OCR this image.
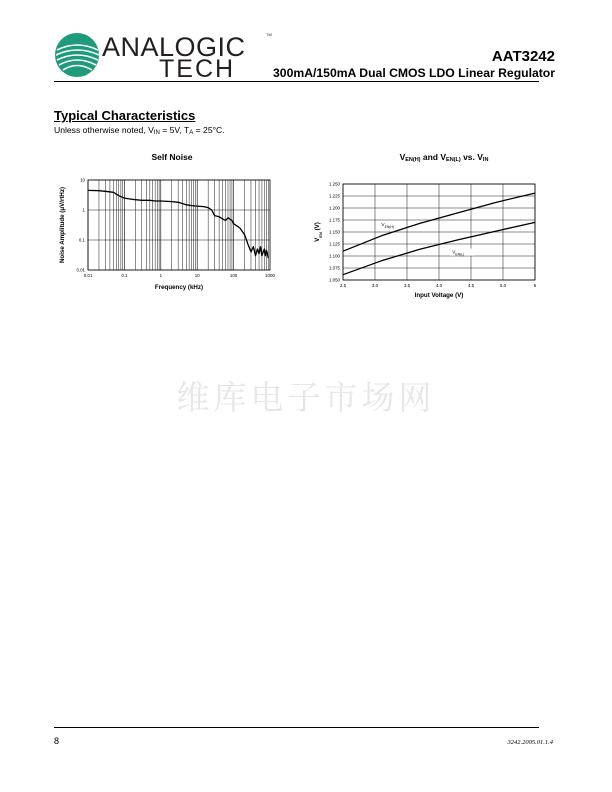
ANALOGIC
TECH
TM
AAT3242
300mA/150mA Dual CMOS LDO Linear Regulator
Typical Characteristics
Unless otherwise noted, $V_{IN} = 5V$, $T_A = 25^\circ C$.
Self Noise
0.01	0.1	1	10	100	1000
0.01
0.1
1
10
Frequency (kHz)
Noise Amplitude (μV/rtHz)
$V_{EN(H)}$ and $V_{EN(L)}$ vs. $V_{IN}$
2.5	3.0	3.5	4.0	4.5	5.0	5
1.050
1.075
1.100
1.125
1.150
1.175
1.200
1.225
1.250
Input Voltage (V)
$V_{EN}$ (V)	$V_{EN(H)}$
$V_{EN(L)}$
维库电子市场网
8	3242.2005.01.1.4
